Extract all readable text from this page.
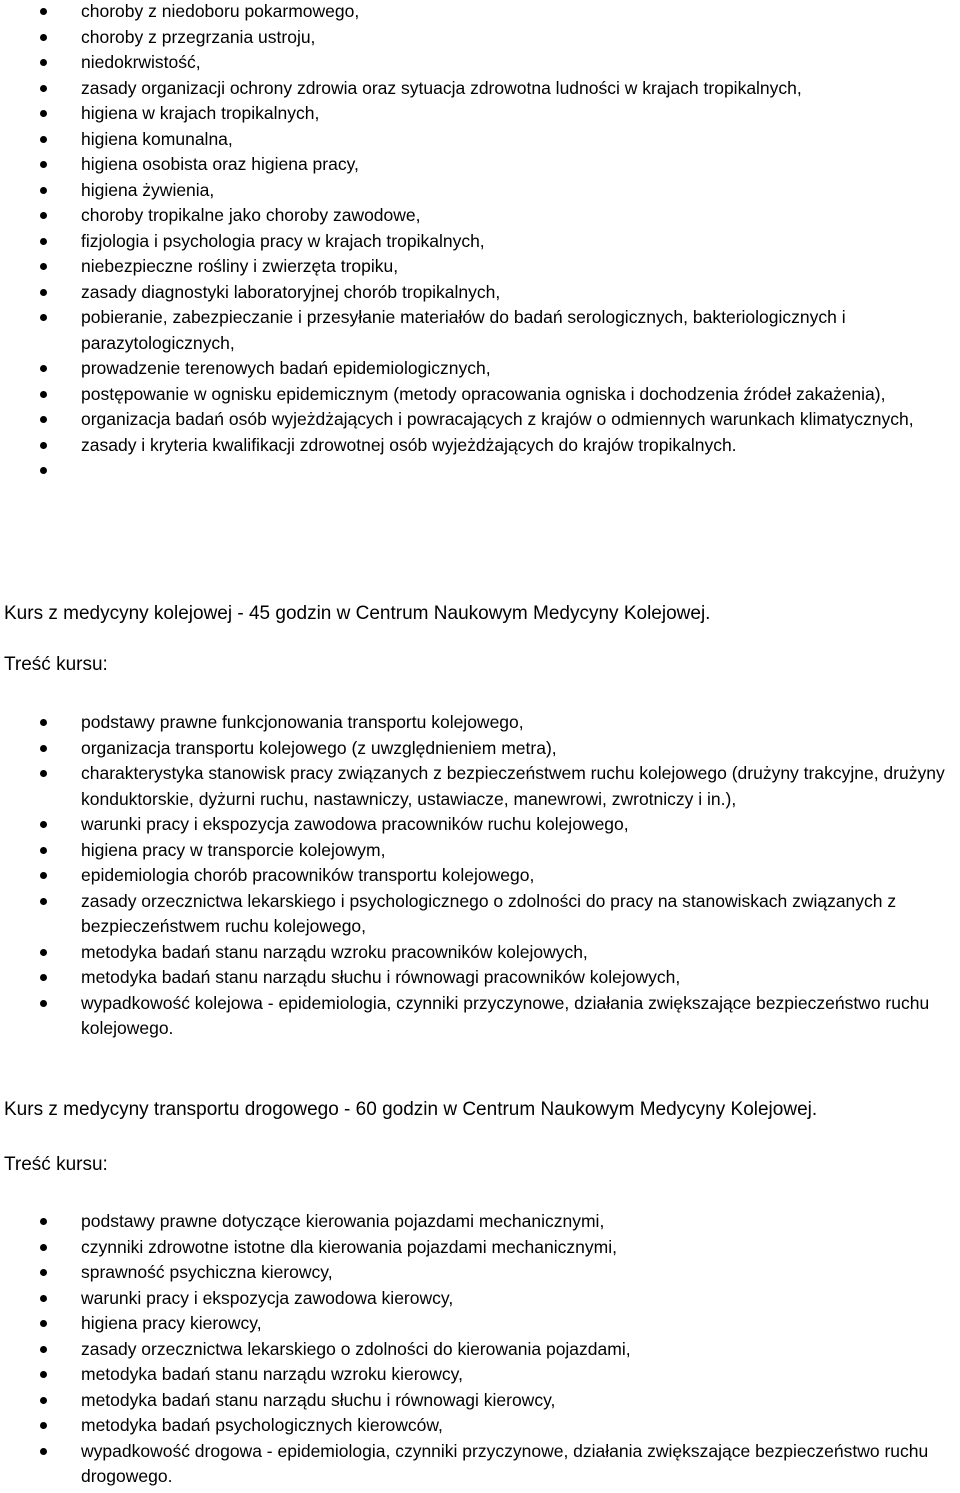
choroby z niedoboru pokarmowego,
choroby z przegrzania ustroju,
niedokrwistość,
zasady organizacji ochrony zdrowia oraz sytuacja zdrowotna ludności w krajach tropikalnych,
higiena w krajach tropikalnych,
higiena komunalna,
higiena osobista oraz higiena pracy,
higiena żywienia,
choroby tropikalne jako choroby zawodowe,
fizjologia i psychologia pracy w krajach tropikalnych,
niebezpieczne rośliny i zwierzęta tropiku,
zasady diagnostyki laboratoryjnej chorób tropikalnych,
pobieranie, zabezpieczanie i przesyłanie materiałów do badań serologicznych, bakteriologicznych i parazytologicznych,
prowadzenie terenowych badań epidemiologicznych,
postępowanie w ognisku epidemicznym (metody opracowania ogniska i dochodzenia źródeł zakażenia),
organizacja badań osób wyjeżdżających i powracających z krajów o odmiennych warunkach klimatycznych,
zasady i kryteria kwalifikacji zdrowotnej osób wyjeżdżających do krajów tropikalnych.

Kurs z medycyny kolejowej - 45 godzin w Centrum Naukowym Medycyny Kolejowej.

Treść kursu:

podstawy prawne funkcjonowania transportu kolejowego,
organizacja transportu kolejowego (z uwzględnieniem metra),
charakterystyka stanowisk pracy związanych z bezpieczeństwem ruchu kolejowego (drużyny trakcyjne, drużyny konduktorskie, dyżurni ruchu, nastawniczy, ustawiacze, manewrowi, zwrotniczy i in.),
warunki pracy i ekspozycja zawodowa pracowników ruchu kolejowego,
higiena pracy w transporcie kolejowym,
epidemiologia chorób pracowników transportu kolejowego,
zasady orzecznictwa lekarskiego i psychologicznego o zdolności do pracy na stanowiskach związanych z bezpieczeństwem ruchu kolejowego,
metodyka badań stanu narządu wzroku pracowników kolejowych,
metodyka badań stanu narządu słuchu i równowagi pracowników kolejowych,
wypadkowość kolejowa - epidemiologia, czynniki przyczynowe, działania zwiększające bezpieczeństwo ruchu kolejowego.

Kurs z medycyny transportu drogowego - 60 godzin w Centrum Naukowym Medycyny Kolejowej.

Treść kursu:

podstawy prawne dotyczące kierowania pojazdami mechanicznymi,
czynniki zdrowotne istotne dla kierowania pojazdami mechanicznymi,
sprawność psychiczna kierowcy,
warunki pracy i ekspozycja zawodowa kierowcy,
higiena pracy kierowcy,
zasady orzecznictwa lekarskiego o zdolności do kierowania pojazdami,
metodyka badań stanu narządu wzroku kierowcy,
metodyka badań stanu narządu słuchu i równowagi kierowcy,
metodyka badań psychologicznych kierowców,
wypadkowość drogowa - epidemiologia, czynniki przyczynowe, działania zwiększające bezpieczeństwo ruchu drogowego.
